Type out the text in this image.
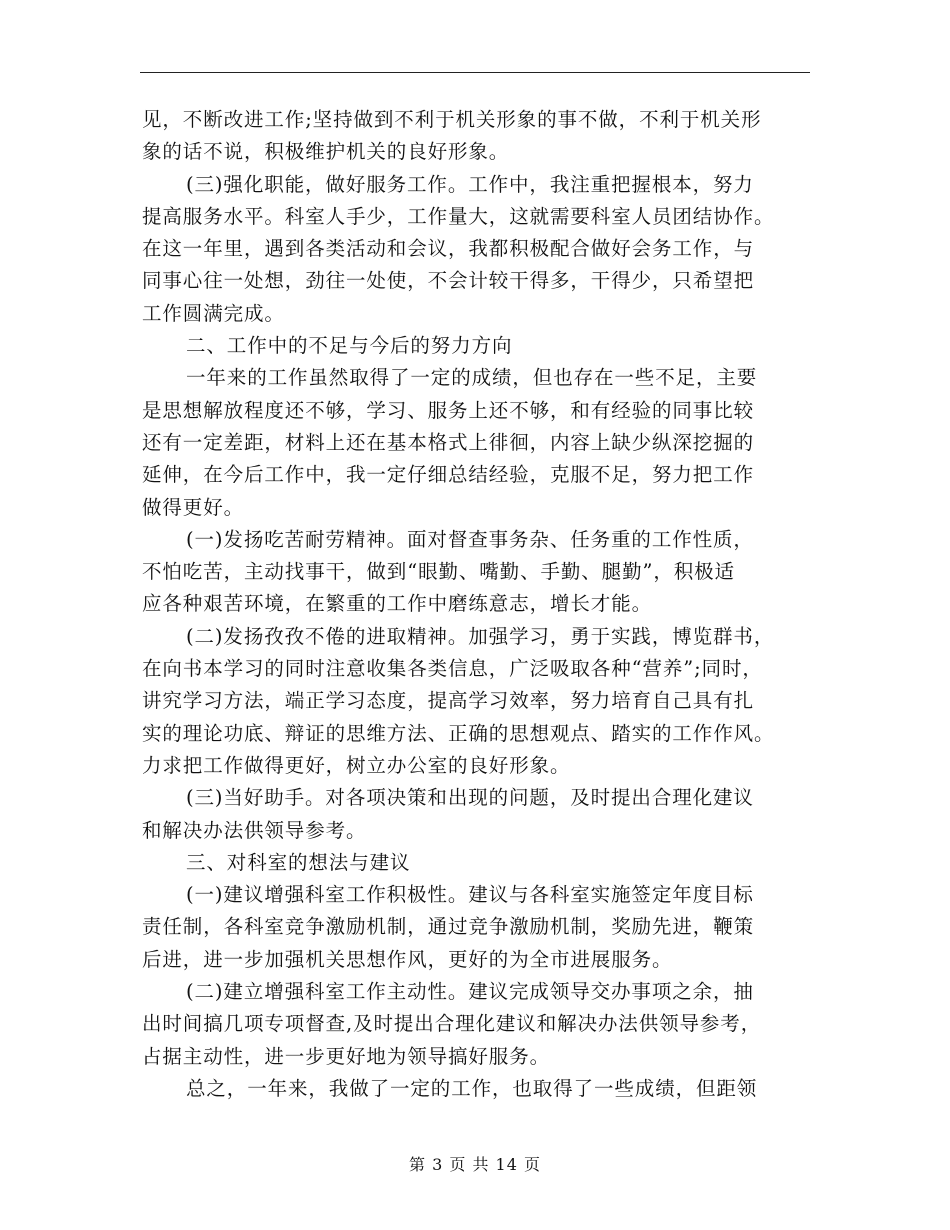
见，不断改进工作;坚持做到不利于机关形象的事不做，不利于机关形
象的话不说，积极维护机关的良好形象。
(三)强化职能，做好服务工作。工作中，我注重把握根本，努力
提高服务水平。科室人手少，工作量大，这就需要科室人员团结协作。
在这一年里，遇到各类活动和会议，我都积极配合做好会务工作，与
同事心往一处想，劲往一处使，不会计较干得多，干得少，只希望把
工作圆满完成。
二、工作中的不足与今后的努力方向
一年来的工作虽然取得了一定的成绩，但也存在一些不足，主要
是思想解放程度还不够，学习、服务上还不够，和有经验的同事比较
还有一定差距，材料上还在基本格式上徘徊，内容上缺少纵深挖掘的
延伸，在今后工作中，我一定仔细总结经验，克服不足，努力把工作
做得更好。
(一)发扬吃苦耐劳精神。面对督查事务杂、任务重的工作性质，
不怕吃苦，主动找事干，做到“眼勤、嘴勤、手勤、腿勤”，积极适
应各种艰苦环境，在繁重的工作中磨练意志，增长才能。
(二)发扬孜孜不倦的进取精神。加强学习，勇于实践，博览群书，
在向书本学习的同时注意收集各类信息，广泛吸取各种“营养”;同时，
讲究学习方法，端正学习态度，提高学习效率，努力培育自己具有扎
实的理论功底、辩证的思维方法、正确的思想观点、踏实的工作作风。
力求把工作做得更好，树立办公室的良好形象。
(三)当好助手。对各项决策和出现的问题，及时提出合理化建议
和解决办法供领导参考。
三、对科室的想法与建议
(一)建议增强科室工作积极性。建议与各科室实施签定年度目标
责任制，各科室竞争激励机制，通过竞争激励机制，奖励先进，鞭策
后进，进一步加强机关思想作风，更好的为全市进展服务。
(二)建立增强科室工作主动性。建议完成领导交办事项之余，抽
出时间搞几项专项督查,及时提出合理化建议和解决办法供领导参考，
占据主动性，进一步更好地为领导搞好服务。
总之，一年来，我做了一定的工作，也取得了一些成绩，但距领
第 3 页 共 14 页
